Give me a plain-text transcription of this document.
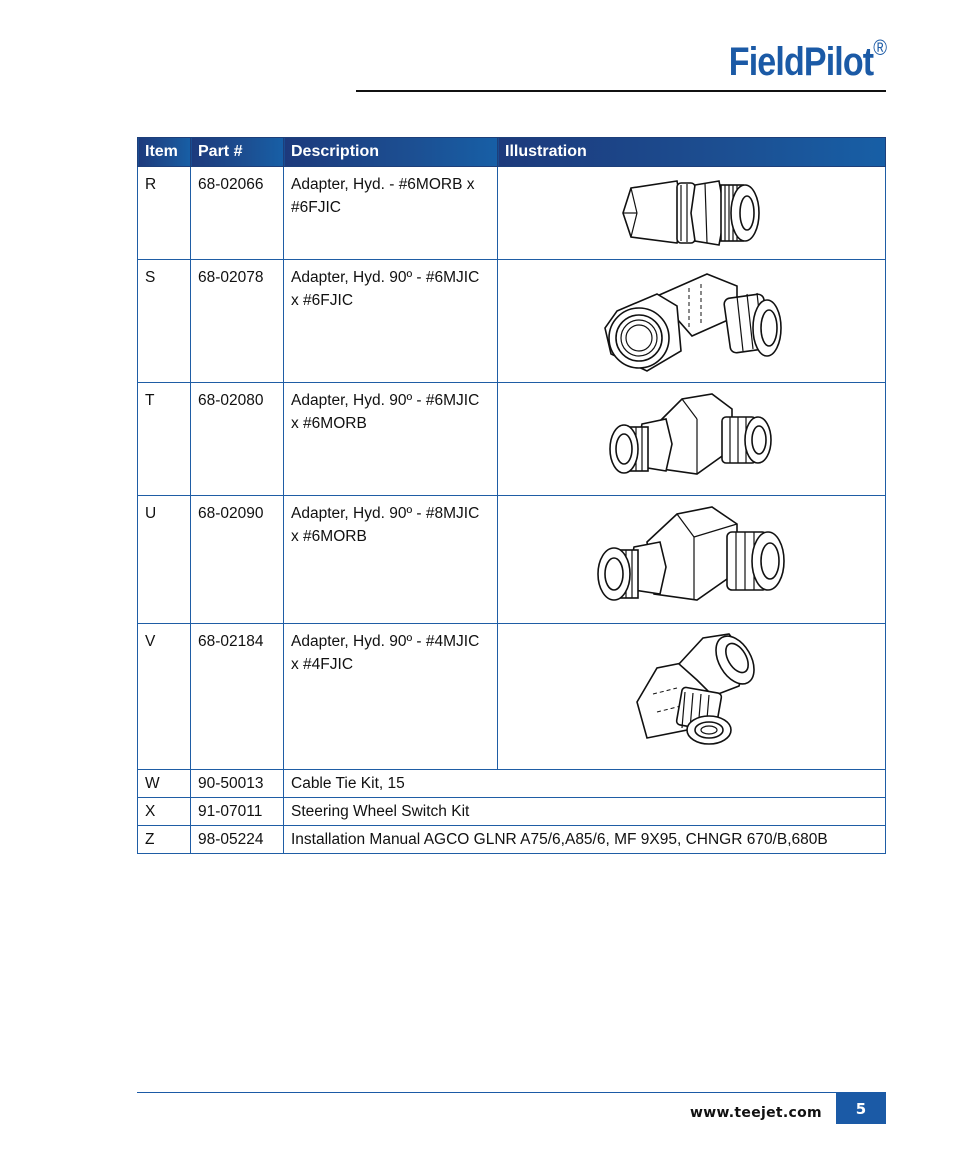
FieldPilot®
Item	Part #	Description	Illustration
R	68-02066	Adapter, Hyd. - #6MORB x #6FJIC	

S	68-02078	Adapter, Hyd. 90º - #6MJIC x #6FJIC	

T	68-02080	Adapter, Hyd. 90º - #6MJIC x #6MORB	

U	68-02090	Adapter, Hyd. 90º - #8MJIC x #6MORB	

V	68-02184	Adapter, Hyd. 90º - #4MJIC x #4FJIC	

W	90-50013	Cable Tie Kit, 15	
X	91-07011	Steering Wheel Switch Kit	
Z	98-05224	Installation Manual AGCO GLNR A75/6,A85/6, MF 9X95, CHNGR 670/B,680B	
www.teejet.com	5
